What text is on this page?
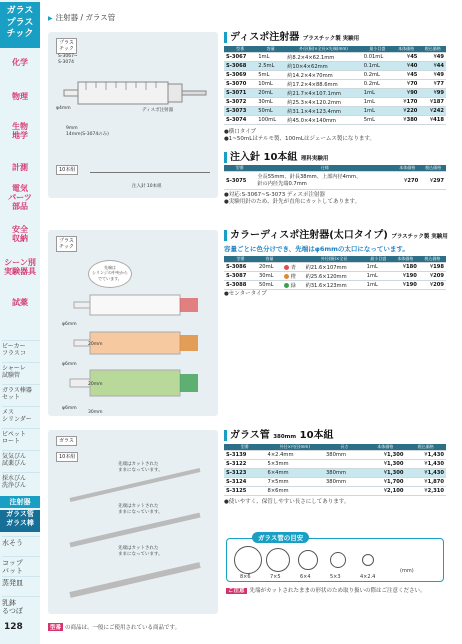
ガラス
プラス
チック
化学
物理
生物
地学
計測
電気
パーツ
部品
安全
収納
シーン別
実験器具
試薬
ビーカー
フラスコ
シャーレ
試験管
ガラス棒器
セット
メス
シリンダー
ビペット
ロート
気気びん
試薬びん
採水びん
洗浄びん
注射器
ガラス管
ガラス棒
水そう
コップ
バット
蒸発皿
乳鉢
るつぼ
128
▶ 注射器 / ガラス管
プラス
チック
S-3067~
S-3074
φ4mm
9mm
14mm(S-3074のみ)
ディスポ注射器
10本組
注入針 10本組
ディスポ注射器 プラスチック製 実験用
型番	容量	外径(胴)×全長×先端(mm)	最小目盛	本体価格	税込価格
S-3067	1mL	約8.2×4×62.1mm	0.01mL	¥45	¥49
S-3068	2.5mL	約10×4×62mm	0.1mL	¥40	¥44
S-3069	5mL	約14.2×4×70mm	0.2mL	¥45	¥49
S-3070	10mL	約17.2×4×88.6mm	0.2mL	¥70	¥77
S-3071	20mL	約21.7×4×107.1mm	1mL	¥90	¥99
S-3072	30mL	約25.3×4×120.2mm	1mL	¥170	¥187
S-3073	50mL	約31.1×4×123.4mm	1mL	¥220	¥242
S-3074	100mL	約45.0×4×140mm	5mL	¥380	¥418
●横口タイプ
●1~50mLはテルモ製、100mLはジェームス製になります。
注入針 10本組 理科実験用
型番	仕様	本体価格	税込価格
S-3075	全長55mm、針長38mm、上部内径4mm、
針の内径先端0.7mm	¥270	¥297
●対応:S-3067~S-3073 ディスポ注射器
●実験用針のため、針先が直角にカットしてあります。
プラス
チック
先端は
シリンジの中央から
でています。
φ6mm
20mm
φ6mm
20mm
φ6mm
30mm
カラーディスポ注射器(太口タイプ) プラスチック製 実験用
容量ごとに色分けでき、先端はφ6mmの太口になっています。
型番	容量		外径(胴)×全長	最小目盛	本体価格	税込価格
S-3086	20mL	青	約21.6×107mm	1mL	¥180	¥198
S-3087	30mL	橙	約25.6×120mm	1mL	¥190	¥209
S-3088	50mL	緑	約31.6×123mm	1mL	¥190	¥209
●センタータイプ
ガラス
10本組
先端はカットされた
ままになっています。
先端はカットされた
ままになっています。
先端はカットされた
ままになっています。
ガラス管 380mm 10本組
型番	外径×内径(mm)	長さ	本体価格	税込価格
S-3139	4×2.4mm	380mm	¥1,300	¥1,430
S-3122	5×3mm		¥1,300	¥1,430
S-3123	6×4mm	380mm	¥1,300	¥1,430
S-3124	7×5mm	380mm	¥1,700	¥1,870
S-3125	8×6mm		¥2,100	¥2,310
●使いやすく、保管しやすい長さにしてあります。
ガラス管の目安
8×6	7×5	6×4	5×3	4×2.4
(mm)
ご注意 先端がカットされたままの形状のため取り扱いの際はご注意ください。
型番 の商品は、一般にご使用されている商品です。
